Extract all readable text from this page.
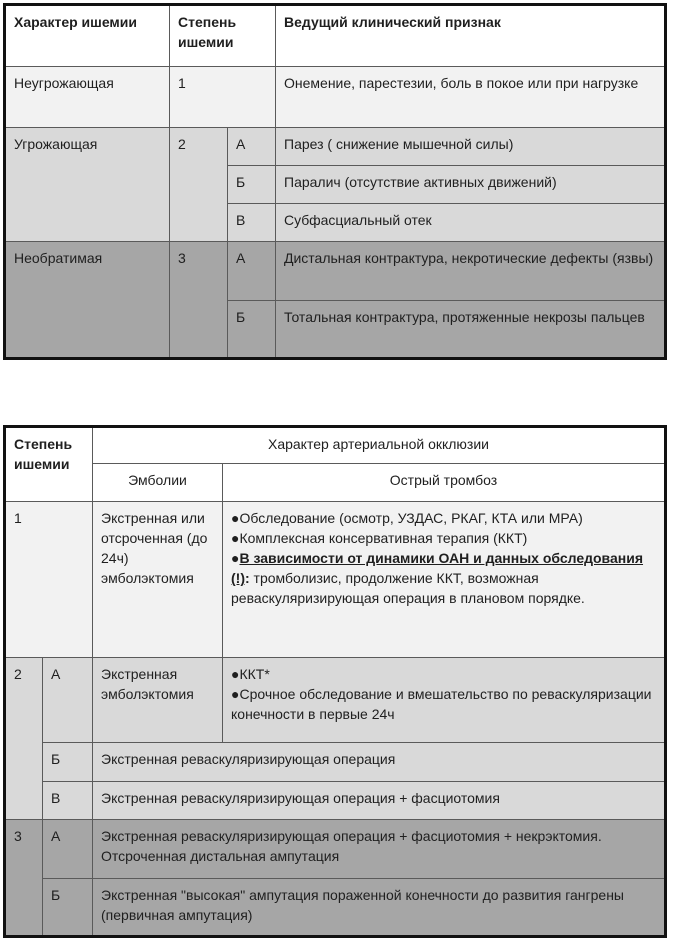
Характер ишемии	Степень ишемии		Ведущий клинический признак
Неугрожающая	1		Онемение, парестезии, боль в покое или при нагрузке
Угрожающая	2	А	Парез ( снижение мышечной силы)
		Б	Паралич (отсутствие активных движений)
		В	Субфасциальный отек
Необратимая	3	А	Дистальная контрактура, некротические дефекты (язвы)
		Б	Тотальная контрактура, протяженные некрозы пальцев
Степень ишемии		Характер артериальной окклюзии	
		Эмболии	Острый тромбоз
1		Экстренная или отсроченная (до 24ч) эмболэктомия	●Обследование (осмотр, УЗДАС, РКАГ, КТА или МРА)
●Комплексная консервативная терапия (ККТ)
●В зависимости от динамики ОАН и данных обследования (!): тромболизис, продолжение ККТ, возможная реваскуляризирующая операция в плановом порядке.

2	А	Экстренная эмболэктомия	●ККТ*
●Срочное обследование и вмешательство по реваскуляризации конечности в первые 24ч

	Б	Экстренная реваскуляризирующая операция	
	В	Экстренная реваскуляризирующая операция + фасциотомия	
3	А	Экстренная реваскуляризирующая операция + фасциотомия + некрэктомия. Отсроченная дистальная ампутация	
	Б	Экстренная "высокая" ампутация пораженной конечности до развития гангрены (первичная ампутация)	
